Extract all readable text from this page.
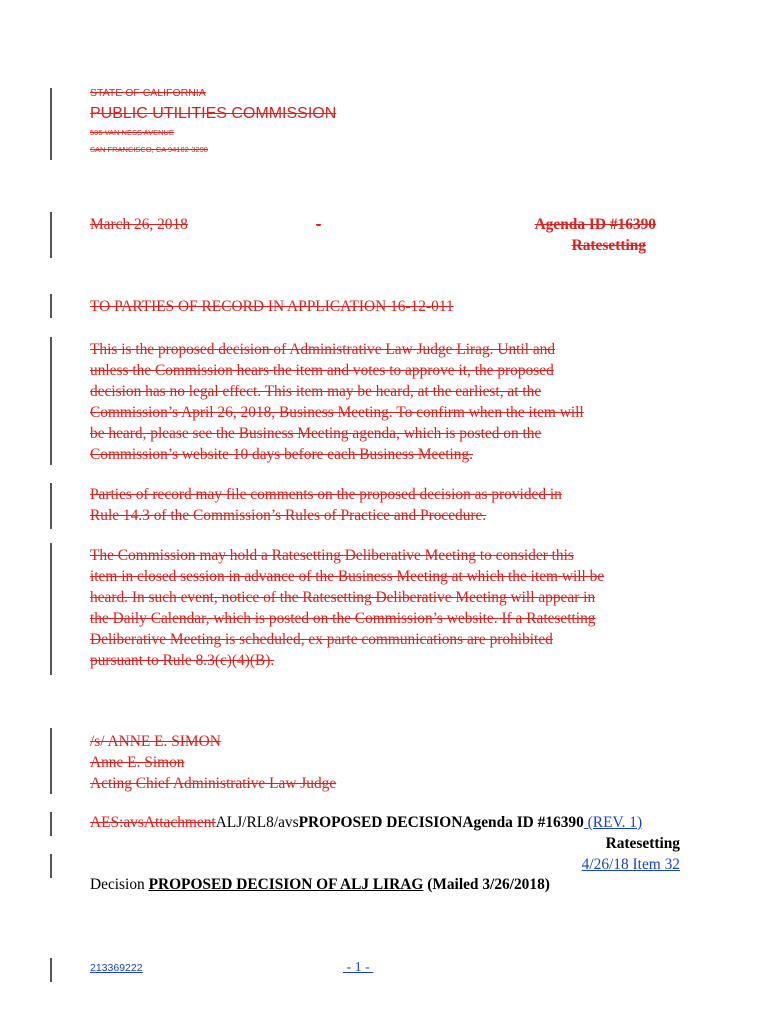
STATE OF CALIFORNIA
PUBLIC UTILITIES COMMISSION
505 VAN NESS AVENUE
SAN FRANCISCO, CA 94102-3298
March 26, 2018	-	Agenda ID #16390
Ratesetting
TO PARTIES OF RECORD IN APPLICATION 16-12-011
This is the proposed decision of Administrative Law Judge Lirag. Until and
unless the Commission hears the item and votes to approve it, the proposed
decision has no legal effect. This item may be heard, at the earliest, at the
Commission’s April 26, 2018, Business Meeting. To confirm when the item will
be heard, please see the Business Meeting agenda, which is posted on the
Commission’s website 10 days before each Business Meeting.
Parties of record may file comments on the proposed decision as provided in
Rule 14.3 of the Commission’s Rules of Practice and Procedure.
The Commission may hold a Ratesetting Deliberative Meeting to consider this
item in closed session in advance of the Business Meeting at which the item will be
heard. In such event, notice of the Ratesetting Deliberative Meeting will appear in
the Daily Calendar, which is posted on the Commission’s website. If a Ratesetting
Deliberative Meeting is scheduled, ex parte communications are prohibited
pursuant to Rule 8.3(c)(4)(B).
/s/ ANNE E. SIMON
Anne E. Simon
Acting Chief Administrative Law Judge
AES:avsAttachmentALJ/RL8/avsPROPOSED DECISIONAgenda ID #16390 (REV. 1)
Ratesetting
4/26/18 Item 32
Decision PROPOSED DECISION OF ALJ LIRAG (Mailed 3/26/2018)
213369222	- 1 -
